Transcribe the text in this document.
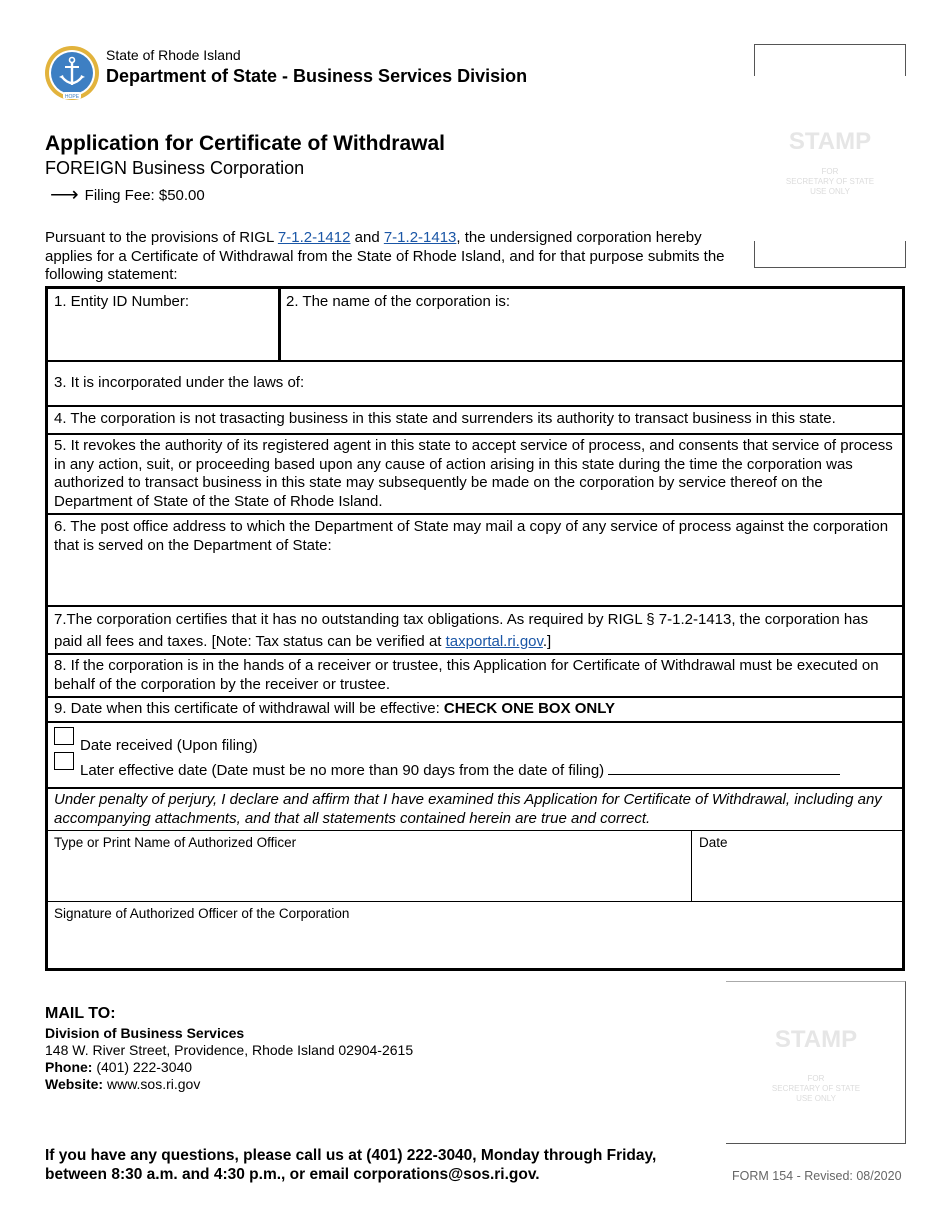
HOPE
State of Rhode Island
Department of State - Business Services Division
STAMP
FOR
SECRETARY OF STATE
USE ONLY
Application for Certificate of Withdrawal
FOREIGN Business Corporation
⟶ Filing Fee: $50.00
Pursuant to the provisions of RIGL 7-1.2-1412 and 7-1.2-1413, the undersigned corporation hereby applies for a Certificate of Withdrawal from the State of Rhode Island, and for that purpose submits the following statement:
1. Entity ID Number:	2. The name of the corporation is:
3. It is incorporated under the laws of:
4. The corporation is not trasacting business in this state and surrenders its authority to transact business in this state.
5. It revokes the authority of its registered agent in this state to accept service of process, and consents that service of process in any action, suit, or proceeding based upon any cause of action arising in this state during the time the corporation was authorized to transact business in this state may subsequently be made on the corporation by service thereof on the Department of State of the State of Rhode Island.
6. The post office address to which the Department of State may mail a copy of any service of process against the corporation that is served on the Department of State:
7.The corporation certifies that it has no outstanding tax obligations. As required by RIGL § 7-1.2-1413, the corporation has paid all fees and taxes. [Note: Tax status can be verified at taxportal.ri.gov.]
8. If the corporation is in the hands of a receiver or trustee, this Application for Certificate of Withdrawal must be executed on behalf of the corporation by the receiver or trustee.
9. Date when this certificate of withdrawal will be effective: CHECK ONE BOX ONLY
Date received (Upon filing)
Later effective date (Date must be no more than 90 days from the date of filing)
Under penalty of perjury, I declare and affirm that I have examined this Application for Certificate of Withdrawal, including any accompanying attachments, and that all statements contained herein are true and correct.
Type or Print Name of Authorized Officer	Date
Signature of Authorized Officer of the Corporation
MAIL TO:
Division of Business Services
148 W. River Street, Providence, Rhode Island 02904-2615
Phone: (401) 222-3040
Website: www.sos.ri.gov
STAMP
FOR
SECRETARY OF STATE
USE ONLY
If you have any questions, please call us at (401) 222-3040, Monday through Friday,
between 8:30 a.m. and 4:30 p.m., or email corporations@sos.ri.gov.	FORM 154 - Revised: 08/2020
